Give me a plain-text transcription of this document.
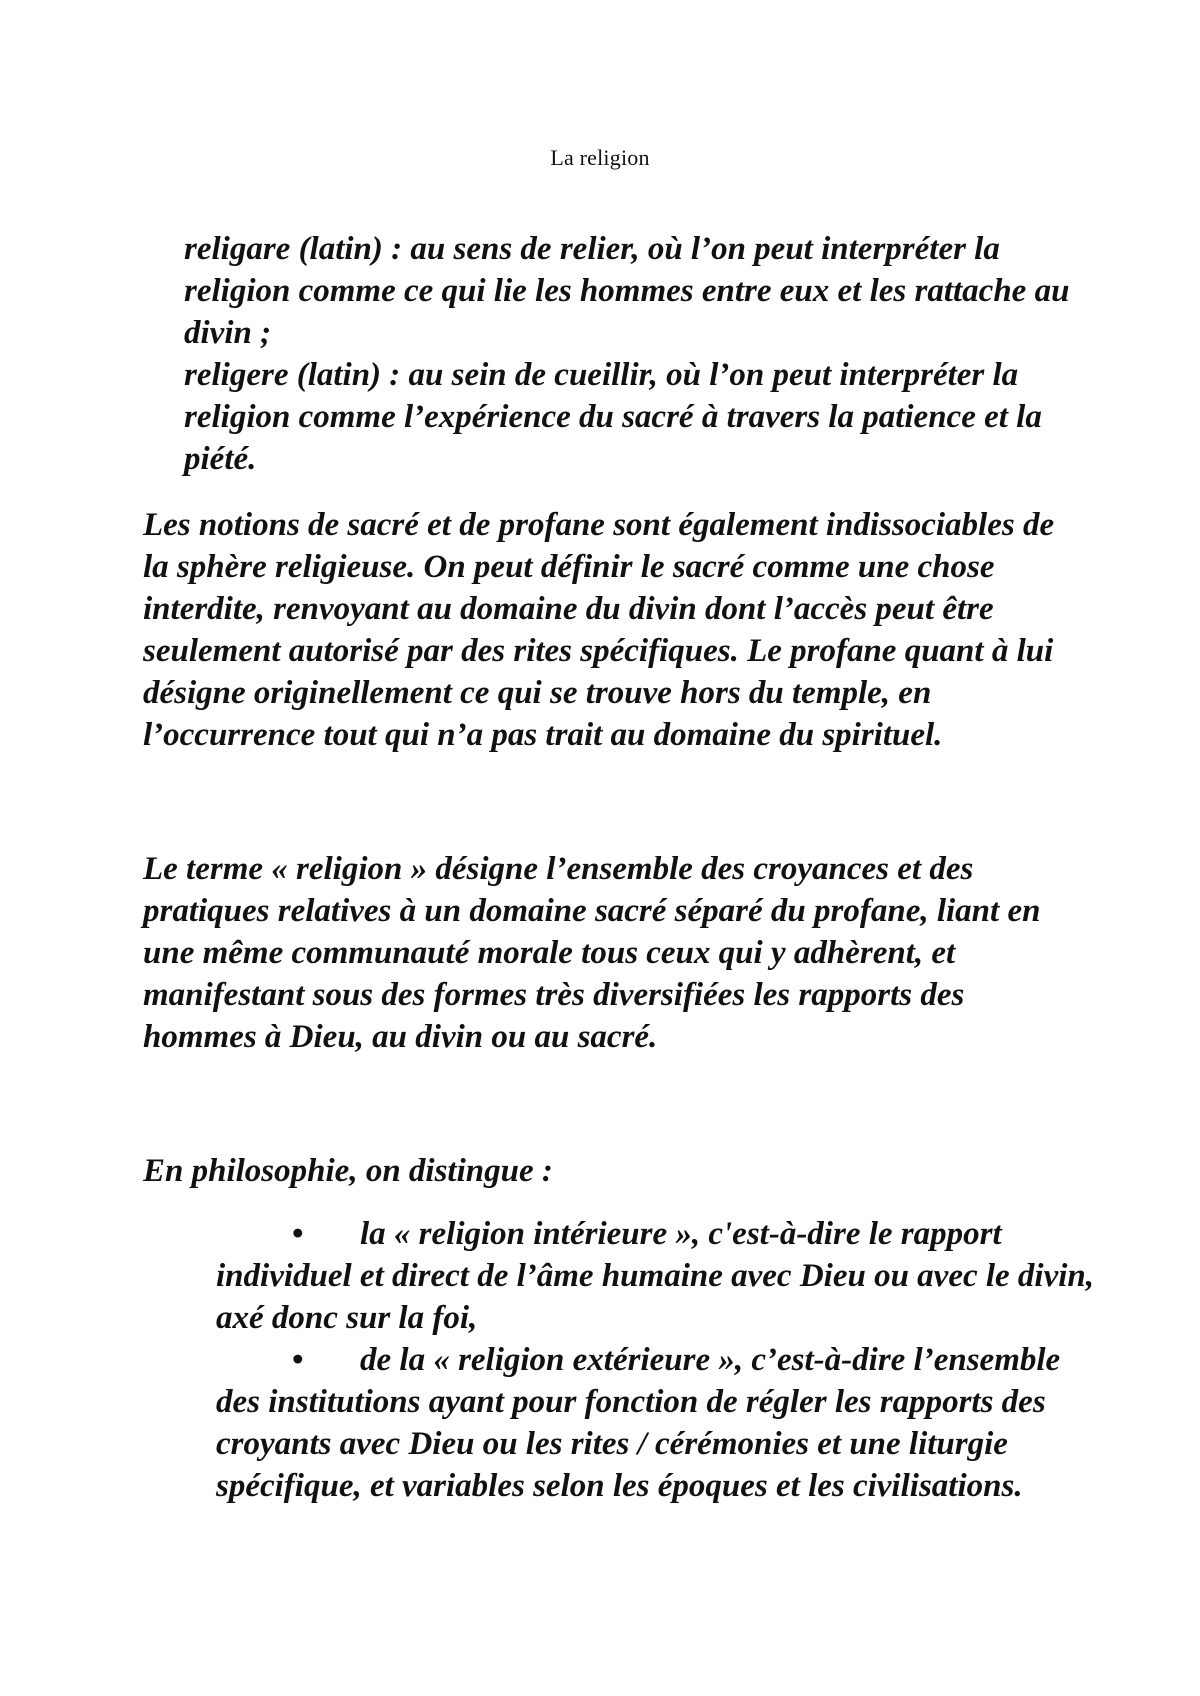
La religion

religare (latin) : au sens de relier, où l’on peut interpréter la religion comme ce qui lie les hommes entre eux et les rattache au divin ;

religere (latin) : au sein de cueillir, où l’on peut interpréter la religion comme l’expérience du sacré à travers la patience et la piété.

Les notions de sacré et de profane sont également indissociables de la sphère religieuse. On peut définir le sacré comme une chose interdite, renvoyant au domaine du divin dont l’accès peut être seulement autorisé par des rites spécifiques. Le profane quant à lui désigne originellement ce qui se trouve hors du temple, en l’occurrence tout qui n’a pas trait au domaine du spirituel.

Le terme « religion » désigne l’ensemble des croyances et des pratiques relatives à un domaine sacré séparé du profane, liant en une même communauté morale tous ceux qui y adhèrent, et manifestant sous des formes très diversifiées les rapports des hommes à Dieu, au divin ou au sacré.

En philosophie, on distingue :

• la « religion intérieure », c'est-à-dire le rapport individuel et direct de l’âme humaine avec Dieu ou avec le divin, axé donc sur la foi,

• de la « religion extérieure », c’est-à-dire l’ensemble des institutions ayant pour fonction de régler les rapports des croyants avec Dieu ou les rites / cérémonies et une liturgie spécifique, et variables selon les époques et les civilisations.
